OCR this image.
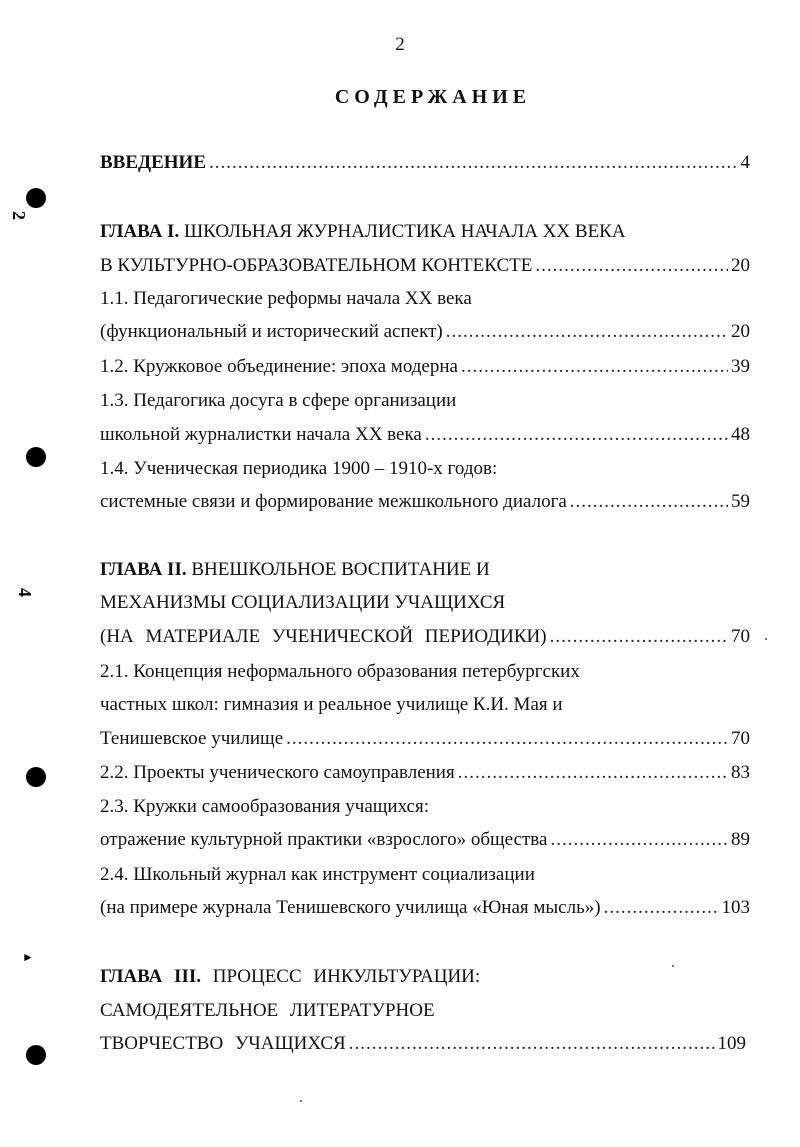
2
СОДЕРЖАНИЕ
ВВЕДЕНИЕ .....	4
ГЛАВА I. ШКОЛЬНАЯ ЖУРНАЛИСТИКА НАЧАЛА XX ВЕКА
В КУЛЬТУРНО-ОБРАЗОВАТЕЛЬНОМ КОНТЕКСТЕ .....	20
1.1. Педагогические реформы начала XX века
(функциональный и исторический аспект) .....	20
1.2. Кружковое объединение: эпоха модерна .....	39
1.3. Педагогика досуга в сфере организации
школьной журналистки начала XX века .....	48
1.4. Ученическая периодика 1900 – 1910-х годов:
системные связи и формирование межшкольного диалога .....	59
ГЛАВА II. ВНЕШКОЛЬНОЕ ВОСПИТАНИЕ И
МЕХАНИЗМЫ СОЦИАЛИЗАЦИИ УЧАЩИХСЯ
(НА МАТЕРИАЛЕ УЧЕНИЧЕСКОЙ ПЕРИОДИКИ) .....	70
2.1. Концепция неформального образования петербургских
частных школ: гимназия и реальное училище К.И. Мая и
Тенишевское училище .....	70
2.2. Проекты ученического самоуправления .....	83
2.3. Кружки самообразования учащихся:
отражение культурной практики «взрослого» общества .....	89
2.4. Школьный журнал как инструмент социализации
(на примере журнала Тенишевского училища «Юная мысль») .....	103
ГЛАВА III. ПРОЦЕСС ИНКУЛЬТУРАЦИИ:
САМОДЕЯТЕЛЬНОЕ ЛИТЕРАТУРНОЕ
ТВОРЧЕСТВО УЧАЩИХСЯ .....	109
2
4
►
